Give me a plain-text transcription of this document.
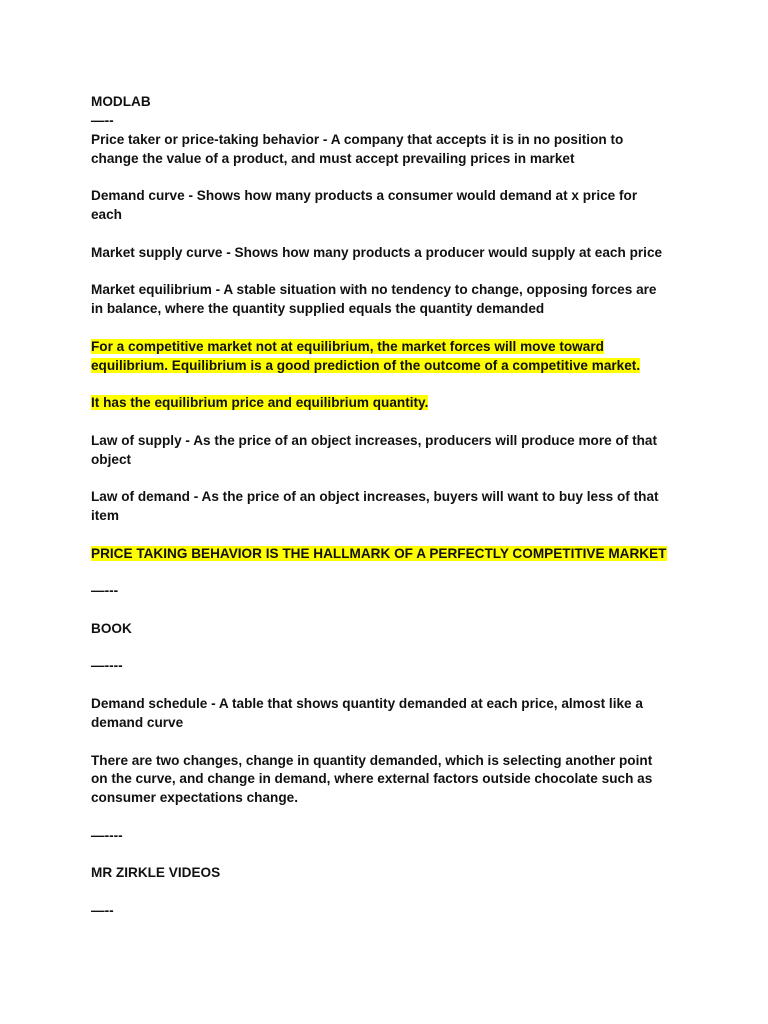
MODLAB

—--

Price taker or price-taking behavior - A company that accepts it is in no position to

change the value of a product, and must accept prevailing prices in market

Demand curve - Shows how many products a consumer would demand at x price for

each

Market supply curve - Shows how many products a producer would supply at each price

Market equilibrium - A stable situation with no tendency to change, opposing forces are

in balance, where the quantity supplied equals the quantity demanded

For a competitive market not at equilibrium, the market forces will move toward

equilibrium. Equilibrium is a good prediction of the outcome of a competitive market.

It has the equilibrium price and equilibrium quantity.

Law of supply - As the price of an object increases, producers will produce more of that

object

Law of demand - As the price of an object increases, buyers will want to buy less of that

item

PRICE TAKING BEHAVIOR IS THE HALLMARK OF A PERFECTLY COMPETITIVE MARKET

—---

BOOK

—----

Demand schedule - A table that shows quantity demanded at each price, almost like a

demand curve

There are two changes, change in quantity demanded, which is selecting another point

on the curve, and change in demand, where external factors outside chocolate such as

consumer expectations change.

—----

MR ZIRKLE VIDEOS

—--
